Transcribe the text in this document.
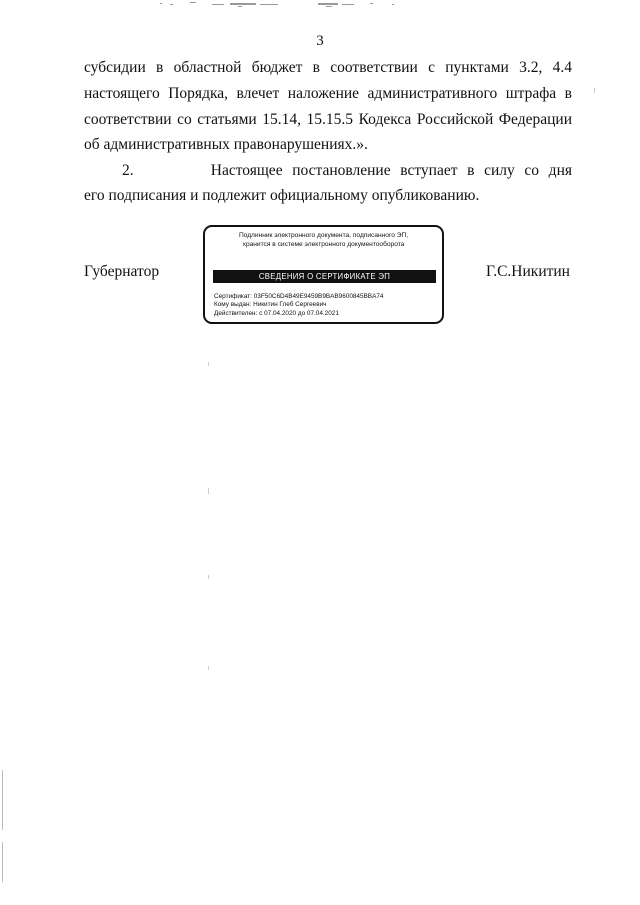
3
субсидии в областной бюджет в соответствии с пунктами 3.2, 4.4
настоящего Порядка, влечет наложение административного штрафа в
соответствии со статьями 15.14, 15.15.5 Кодекса Российской Федерации
об административных правонарушениях.».
2.        Настоящее постановление вступает в силу со дня
его подписания и подлежит официальному опубликованию.
Губернатор	Г.С.Никитин
Подлинник электронного документа, подписанного ЭП,
хранится в системе электронного документооборота
СВЕДЕНИЯ О СЕРТИФИКАТЕ ЭП
Сертификат: 03F50C6D4B49E9459B9BAB9600845BBA74
Кому выдан: Никитин Глеб Сергеевич
Действителен: с 07.04.2020 до 07.04.2021
